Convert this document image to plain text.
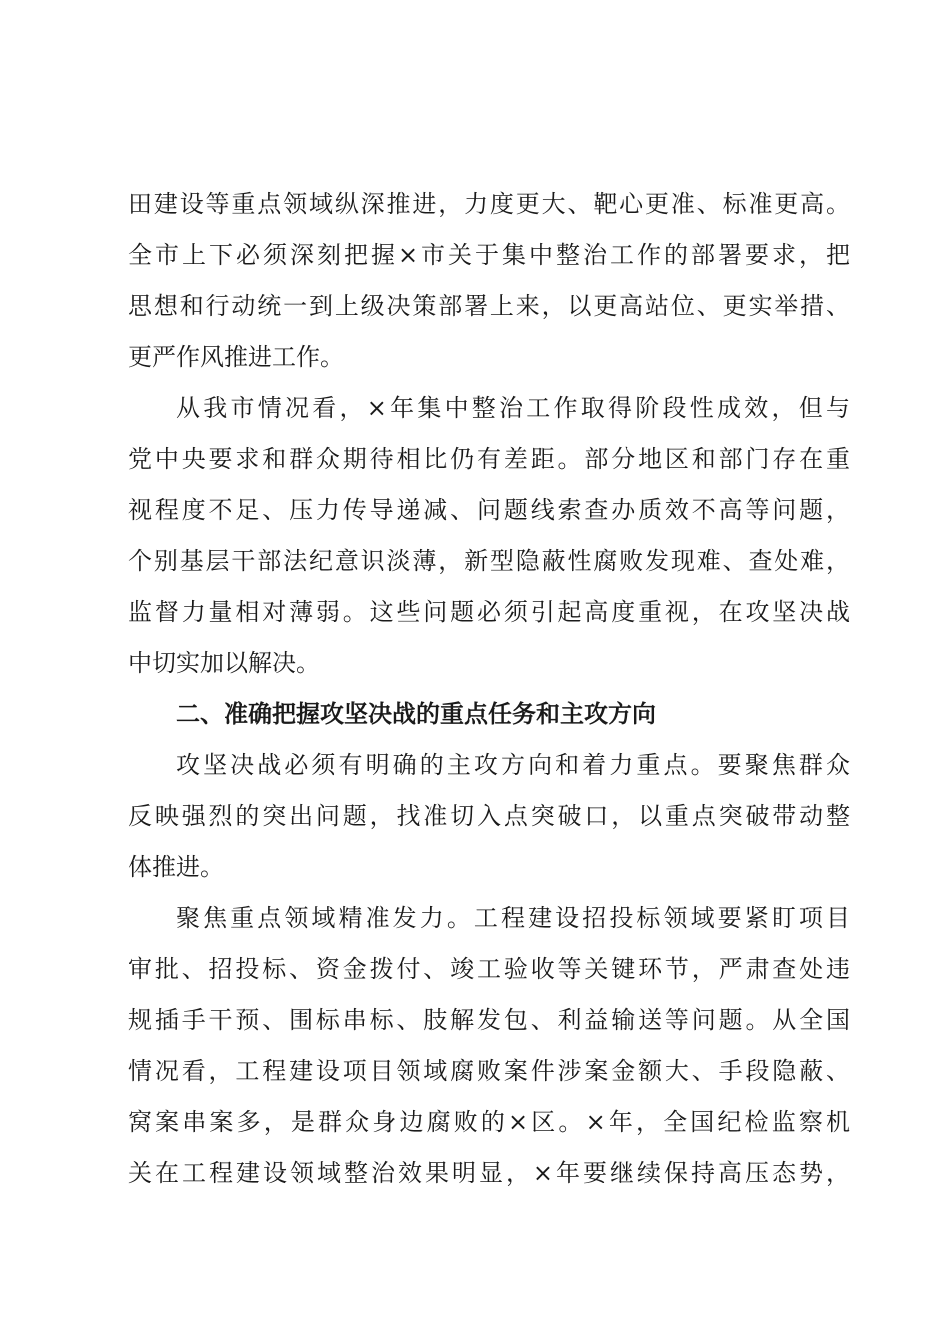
田建设等重点领域纵深推进，力度更大、靶心更准、标准更高。
全市上下必须深刻把握×市关于集中整治工作的部署要求，把
思想和行动统一到上级决策部署上来，以更高站位、更实举措、
更严作风推进工作。
从我市情况看，×年集中整治工作取得阶段性成效，但与
党中央要求和群众期待相比仍有差距。部分地区和部门存在重
视程度不足、压力传导递减、问题线索查办质效不高等问题，
个别基层干部法纪意识淡薄，新型隐蔽性腐败发现难、查处难，
监督力量相对薄弱。这些问题必须引起高度重视，在攻坚决战
中切实加以解决。
二、准确把握攻坚决战的重点任务和主攻方向
攻坚决战必须有明确的主攻方向和着力重点。要聚焦群众
反映强烈的突出问题，找准切入点突破口，以重点突破带动整
体推进。
聚焦重点领域精准发力。工程建设招投标领域要紧盯项目
审批、招投标、资金拨付、竣工验收等关键环节，严肃查处违
规插手干预、围标串标、肢解发包、利益输送等问题。从全国
情况看，工程建设项目领域腐败案件涉案金额大、手段隐蔽、
窝案串案多，是群众身边腐败的×区。×年，全国纪检监察机
关在工程建设领域整治效果明显，×年要继续保持高压态势，
